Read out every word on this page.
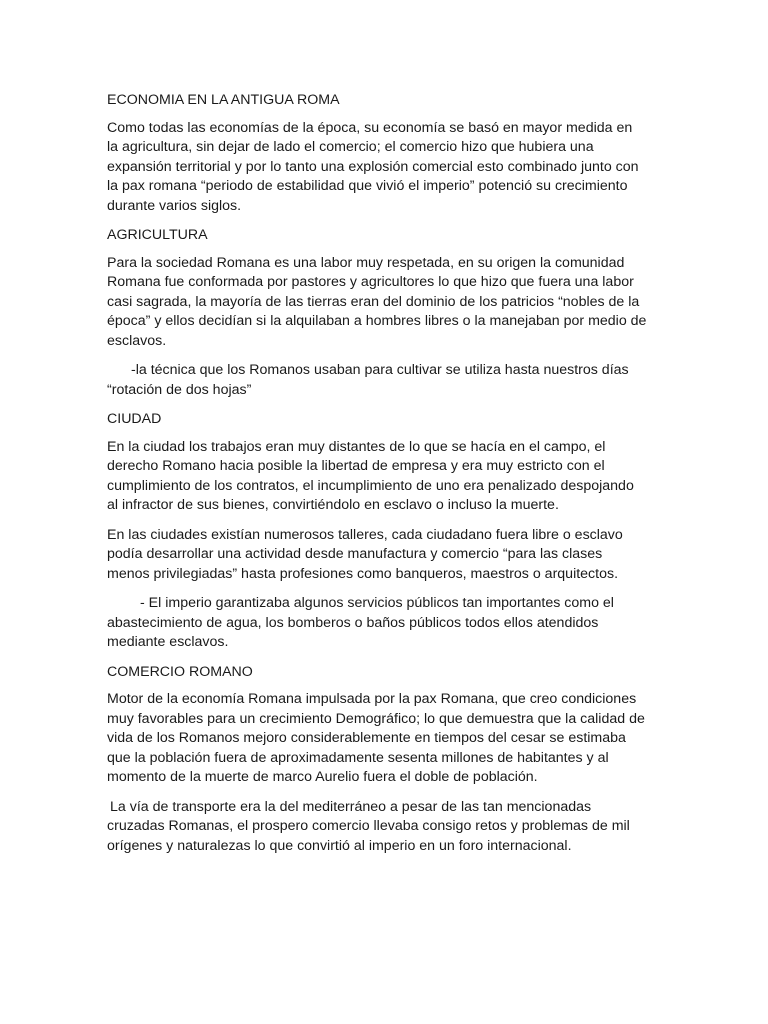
ECONOMIA EN LA ANTIGUA ROMA

Como todas las economías de la época, su economía se basó en mayor medida en la agricultura, sin dejar de lado el comercio; el comercio hizo que hubiera una expansión territorial y por lo tanto una explosión comercial esto combinado junto con la pax romana “periodo de estabilidad que vivió el imperio” potenció su crecimiento durante varios siglos.

AGRICULTURA

Para la sociedad Romana es una labor muy respetada, en su origen la comunidad Romana fue conformada por pastores y agricultores lo que hizo que fuera una labor casi sagrada, la mayoría de las tierras eran del dominio de los patricios “nobles de la época” y ellos decidían si la alquilaban a hombres libres o la manejaban por medio de esclavos.

-la técnica que los Romanos usaban para cultivar se utiliza hasta nuestros días “rotación de dos hojas”

CIUDAD

En la ciudad los trabajos eran muy distantes de lo que se hacía en el campo, el derecho Romano hacia posible la libertad de empresa y era muy estricto con el cumplimiento de los contratos, el incumplimiento de uno era penalizado despojando al infractor de sus bienes, convirtiéndolo en esclavo o incluso la muerte.

En las ciudades existían numerosos talleres, cada ciudadano fuera libre o esclavo podía desarrollar una actividad desde manufactura y comercio “para las clases menos privilegiadas” hasta profesiones como banqueros, maestros o arquitectos.

- El imperio garantizaba algunos servicios públicos tan importantes como el abastecimiento de agua, los bomberos o baños públicos todos ellos atendidos mediante esclavos.

COMERCIO ROMANO

Motor de la economía Romana impulsada por la pax Romana, que creo condiciones muy favorables para un crecimiento Demográfico; lo que demuestra que la calidad de vida de los Romanos mejoro considerablemente en tiempos del cesar se estimaba que la población fuera de aproximadamente sesenta millones de habitantes y al momento de la muerte de marco Aurelio fuera el doble de población.

La vía de transporte era la del mediterráneo a pesar de las tan mencionadas cruzadas Romanas, el prospero comercio llevaba consigo retos y problemas de mil orígenes y naturalezas lo que convirtió al imperio en un foro internacional.
